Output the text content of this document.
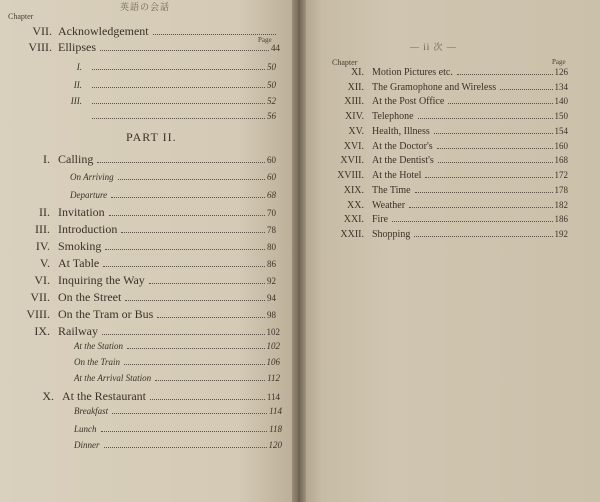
英語の会話
Chapter
Page
VII. Acknowledgement
VIII. Ellipses	44
I.	50
II.	50
III.	52
56
PART II.
I. Calling	60
On Arriving	60
Departure	68
II. Invitation	70
III. Introduction	78
IV. Smoking	80
V. At Table	86
VI. Inquiring the Way	92
VII. On the Street	94
VIII. On the Tram or Bus	98
IX. Railway	102
At the Station	102
On the Train	106
At the Arrival Station	112
X. At the Restaurant	114
Breakfast	114
Lunch	118
Dinner	120
— ii 次 —
Chapter	Page
XI. Motion Pictures etc.	126
XII. The Gramophone and Wireless	134
XIII. At the Post Office	140
XIV. Telephone	150
XV. Health, Illness	154
XVI. At the Doctor's	160
XVII. At the Dentist's	168
XVIII. At the Hotel	172
XIX. The Time	178
XX. Weather	182
XXI. Fire	186
XXII. Shopping	192
